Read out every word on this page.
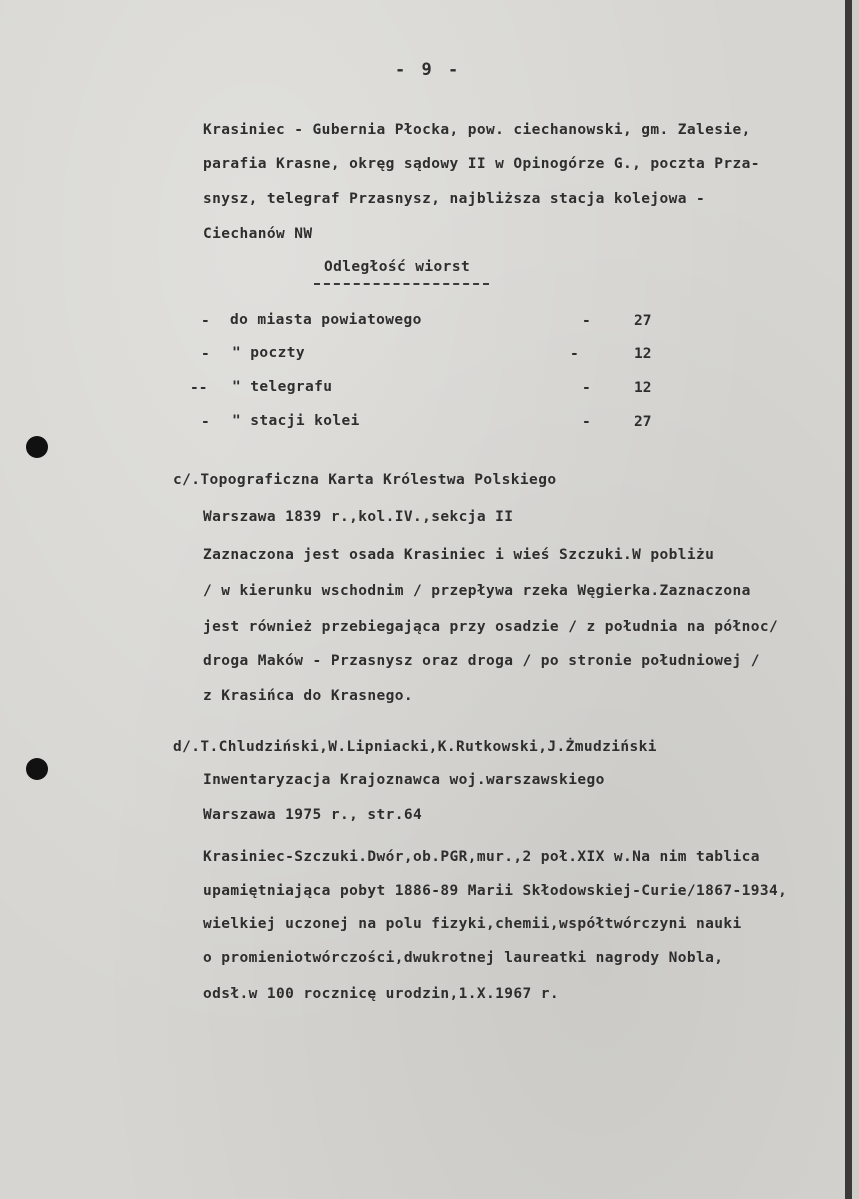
- 9 -
Krasiniec - Gubernia Płocka, pow. ciechanowski, gm. Zalesie,
parafia Krasne, okręg sądowy II w Opinogórze G., poczta Prza-
snysz, telegraf Przasnysz, najbliższa stacja kolejowa -
Ciechanów NW
Odległość wiorst
- do miasta powiatowego	-	27
- " poczty	-	12
-- " telegrafu	-	12
- " stacji kolei	-	27
c/.Topograficzna Karta Królestwa Polskiego
Warszawa 1839 r.,kol.IV.,sekcja II
Zaznaczona jest osada Krasiniec i wieś Szczuki.W pobliżu
/ w kierunku wschodnim / przepływa rzeka Węgierka.Zaznaczona
jest również przebiegająca przy osadzie / z południa na północ/
droga Maków - Przasnysz oraz droga / po stronie południowej /
z Krasińca do Krasnego.
d/.T.Chludziński,W.Lipniacki,K.Rutkowski,J.Żmudziński
Inwentaryzacja Krajoznawca woj.warszawskiego
Warszawa 1975 r., str.64
Krasiniec-Szczuki.Dwór,ob.PGR,mur.,2 poł.XIX w.Na nim tablica
upamiętniająca pobyt 1886-89 Marii Skłodowskiej-Curie/1867-1934,
wielkiej uczonej na polu fizyki,chemii,współtwórczyni nauki
o promieniotwórczości,dwukrotnej laureatki nagrody Nobla,
odsł.w 100 rocznicę urodzin,1.X.1967 r.
